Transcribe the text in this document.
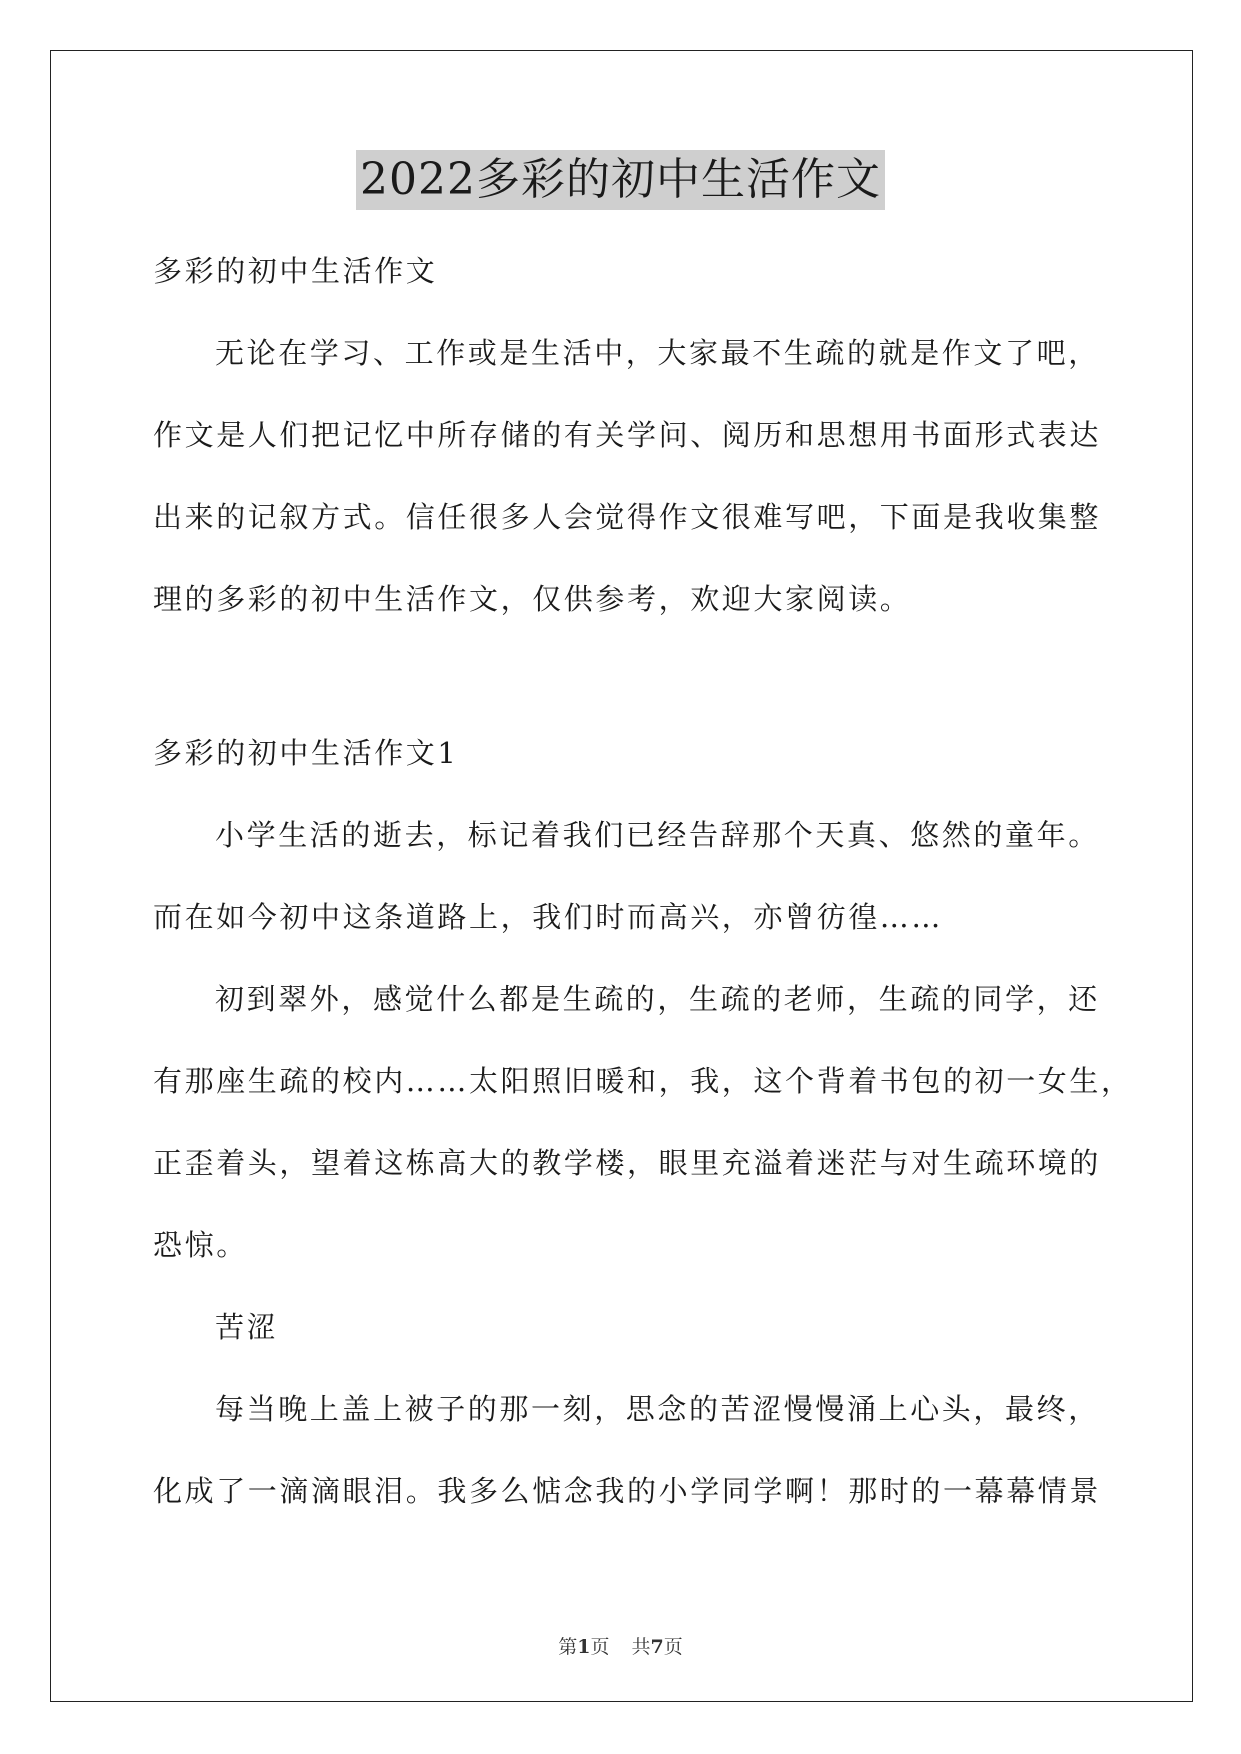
2022多彩的初中生活作文
多彩的初中生活作文
无论在学习、工作或是生活中，大家最不生疏的就是作文了吧，
作文是人们把记忆中所存储的有关学问、阅历和思想用书面形式表达
出来的记叙方式。信任很多人会觉得作文很难写吧，下面是我收集整
理的多彩的初中生活作文，仅供参考，欢迎大家阅读。
多彩的初中生活作文1
小学生活的逝去，标记着我们已经告辞那个天真、悠然的童年。
而在如今初中这条道路上，我们时而高兴，亦曾彷徨……
初到翠外，感觉什么都是生疏的，生疏的老师，生疏的同学，还
有那座生疏的校内……太阳照旧暖和，我，这个背着书包的初一女生，
正歪着头，望着这栋高大的教学楼，眼里充溢着迷茫与对生疏环境的
恐惊。
苦涩
每当晚上盖上被子的那一刻，思念的苦涩慢慢涌上心头，最终，
化成了一滴滴眼泪。我多么惦念我的小学同学啊！那时的一幕幕情景
第1页 共7页
